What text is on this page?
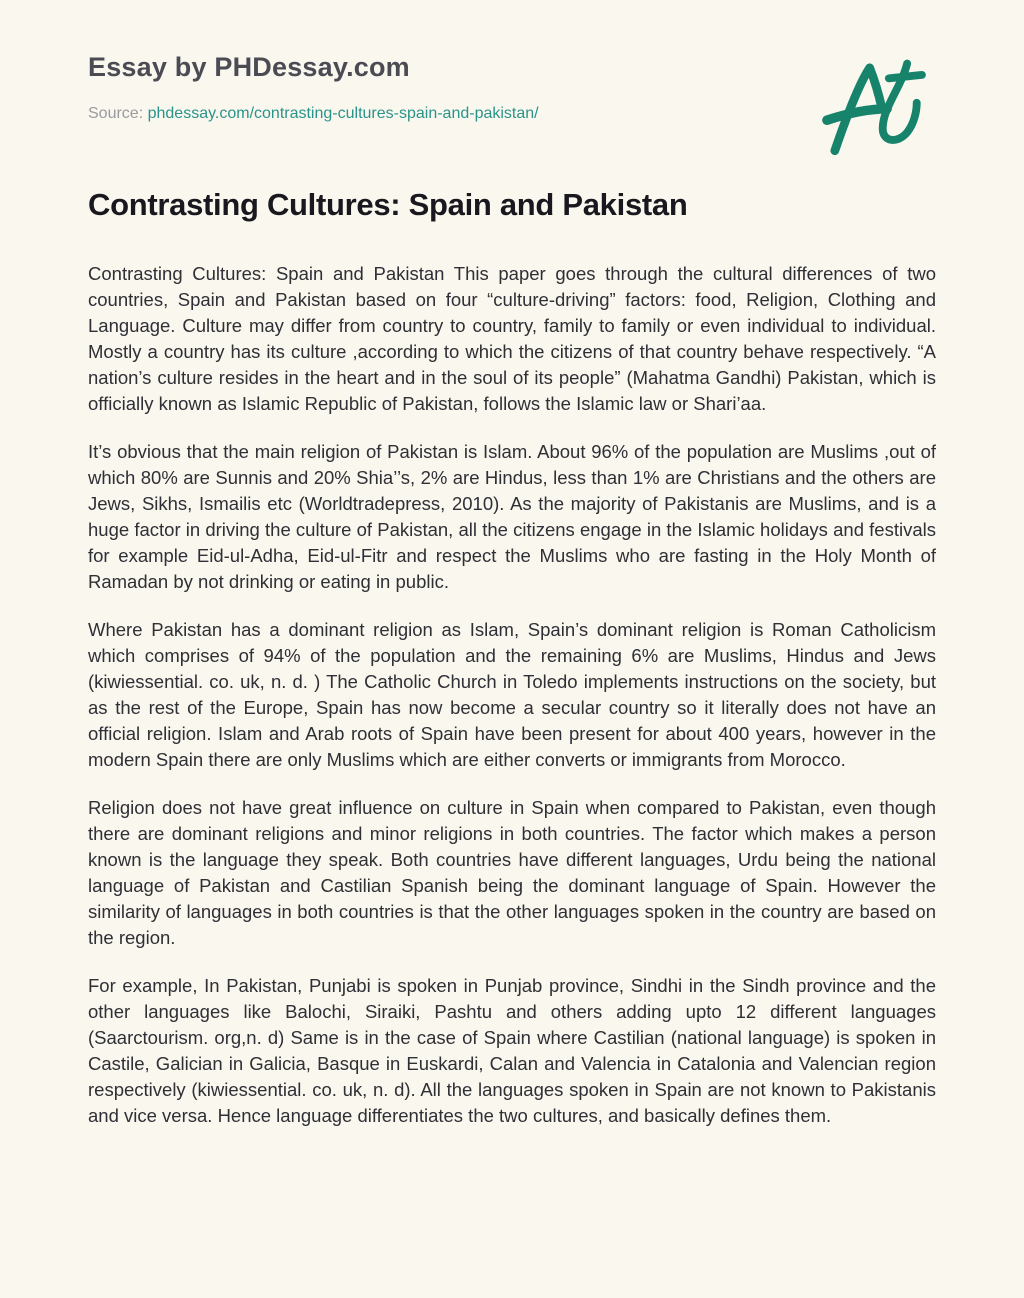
Essay by PHDessay.com
Source: phdessay.com/contrasting-cultures-spain-and-pakistan/
Contrasting Cultures: Spain and Pakistan

Contrasting Cultures: Spain and Pakistan This paper goes through the cultural differences of two countries, Spain and Pakistan based on four “culture-driving” factors: food, Religion, Clothing and Language. Culture may differ from country to country, family to family or even individual to individual. Mostly a country has its culture ,according to which the citizens of that country behave respectively. “A nation’s culture resides in the heart and in the soul of its people” (Mahatma Gandhi) Pakistan, which is officially known as Islamic Republic of Pakistan, follows the Islamic law or Shari’aa.

It’s obvious that the main religion of Pakistan is Islam. About 96% of the population are Muslims ,out of which 80% are Sunnis and 20% Shia’’s, 2% are Hindus, less than 1% are Christians and the others are Jews, Sikhs, Ismailis etc (Worldtradepress, 2010). As the majority of Pakistanis are Muslims, and is a huge factor in driving the culture of Pakistan, all the citizens engage in the Islamic holidays and festivals for example Eid-ul-Adha, Eid-ul-Fitr and respect the Muslims who are fasting in the Holy Month of Ramadan by not drinking or eating in public.

Where Pakistan has a dominant religion as Islam, Spain’s dominant religion is Roman Catholicism which comprises of 94% of the population and the remaining 6% are Muslims, Hindus and Jews (kiwiessential. co. uk, n. d. ) The Catholic Church in Toledo implements instructions on the society, but as the rest of the Europe, Spain has now become a secular country so it literally does not have an official religion. Islam and Arab roots of Spain have been present for about 400 years, however in the modern Spain there are only Muslims which are either converts or immigrants from Morocco.

Religion does not have great influence on culture in Spain when compared to Pakistan, even though there are dominant religions and minor religions in both countries. The factor which makes a person known is the language they speak. Both countries have different languages, Urdu being the national language of Pakistan and Castilian Spanish being the dominant language of Spain. However the similarity of languages in both countries is that the other languages spoken in the country are based on the region.

For example, In Pakistan, Punjabi is spoken in Punjab province, Sindhi in the Sindh province and the other languages like Balochi, Siraiki, Pashtu and others adding upto 12 different languages (Saarctourism. org,n. d) Same is in the case of Spain where Castilian (national language) is spoken in Castile, Galician in Galicia, Basque in Euskardi, Calan and Valencia in Catalonia and Valencian region respectively (kiwiessential. co. uk, n. d). All the languages spoken in Spain are not known to Pakistanis and vice versa. Hence language differentiates the two cultures, and basically defines them.
